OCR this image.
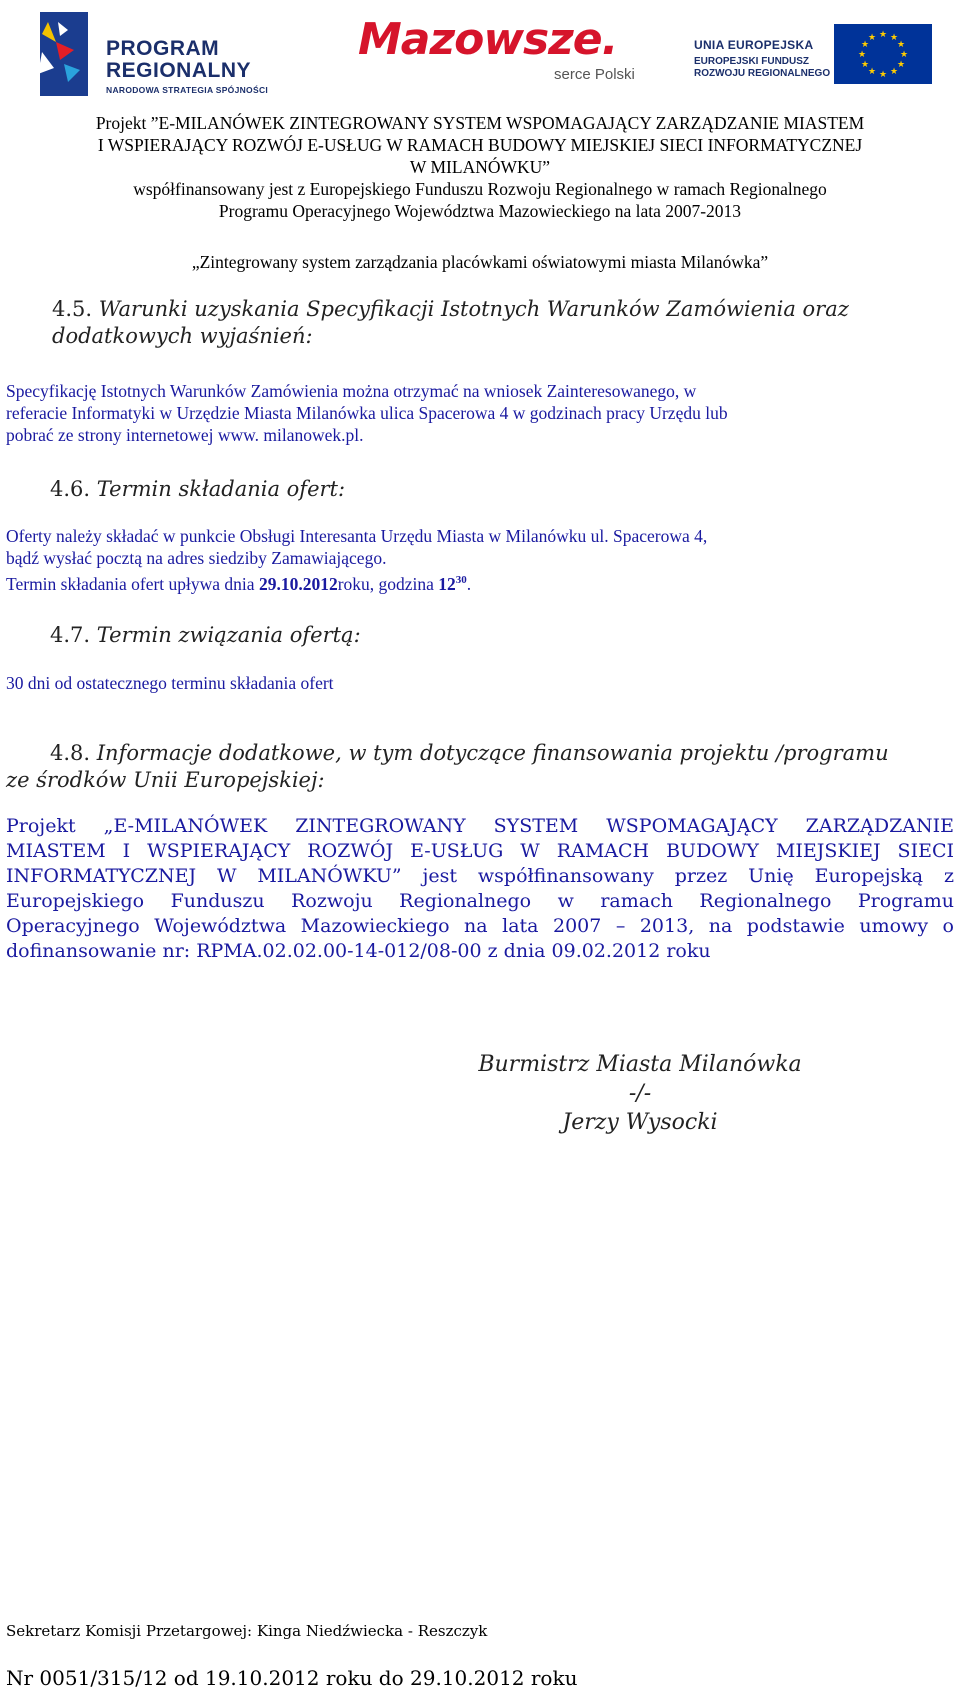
PROGRAM
REGIONALNY
NARODOWA STRATEGIA SPÓJNOŚCI
Mazowsze.
serce Polski
UNIA EUROPEJSKA
EUROPEJSKI FUNDUSZ
ROZWOJU REGIONALNEGO
★ ★
★
★
★
★
★
★
★
★
★
★
Projekt ”E-MILANÓWEK ZINTEGROWANY SYSTEM WSPOMAGAJĄCY ZARZĄDZANIE MIASTEM
I WSPIERAJĄCY ROZWÓJ E-USŁUG W RAMACH BUDOWY MIEJSKIEJ SIECI INFORMATYCZNEJ
W MILANÓWKU”
współfinansowany jest z Europejskiego Funduszu Rozwoju Regionalnego w ramach Regionalnego
Programu Operacyjnego Województwa Mazowieckiego na lata 2007-2013
„Zintegrowany system zarządzania placówkami oświatowymi miasta Milanówka”
4.5. Warunki uzyskania Specyfikacji Istotnych Warunków Zamówienia oraz
dodatkowych wyjaśnień:
Specyfikację Istotnych Warunków Zamówienia można otrzymać na wniosek Zainteresowanego, w
referacie Informatyki w Urzędzie Miasta Milanówka ulica Spacerowa 4 w godzinach pracy Urzędu lub
pobrać ze strony internetowej www. milanowek.pl.
4.6. Termin składania ofert:
Oferty należy składać w punkcie Obsługi Interesanta Urzędu Miasta w Milanówku ul. Spacerowa 4,
bądź wysłać pocztą na adres siedziby Zamawiającego.
Termin składania ofert upływa dnia 29.10.2012roku, godzina $12^{30}$.
4.7. Termin związania ofertą:
30 dni od ostatecznego terminu składania ofert
4.8. Informacje dodatkowe, w tym dotyczące finansowania projektu /programu
ze środków Unii Europejskiej:
Projekt „E-MILANÓWEK ZINTEGROWANY SYSTEM WSPOMAGAJĄCY ZARZĄDZANIE
MIASTEM I WSPIERAJĄCY ROZWÓJ E-USŁUG W RAMACH BUDOWY MIEJSKIEJ SIECI
INFORMATYCZNEJ W MILANÓWKU” jest współfinansowany przez Unię Europejską z
Europejskiego Funduszu Rozwoju Regionalnego w ramach Regionalnego Programu
Operacyjnego Województwa Mazowieckiego na lata 2007 – 2013, na podstawie umowy o
dofinansowanie nr: RPMA.02.02.00-14-012/08-00 z dnia 09.02.2012 roku
Burmistrz Miasta Milanówka
-/-
Jerzy Wysocki
Sekretarz Komisji Przetargowej: Kinga Niedźwiecka - Reszczyk
Nr 0051/315/12 od 19.10.2012 roku do 29.10.2012 roku
